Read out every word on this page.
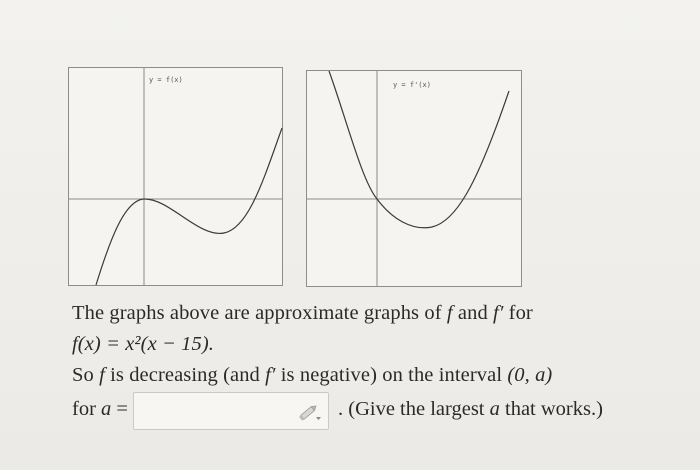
y = f(x)
y = f'(x)
The graphs above are approximate graphs of f and f′ for
f(x) = x²(x − 15).
So f is decreasing (and f′ is negative) on the interval (0, a)
for a =	. (Give the largest a that works.)
